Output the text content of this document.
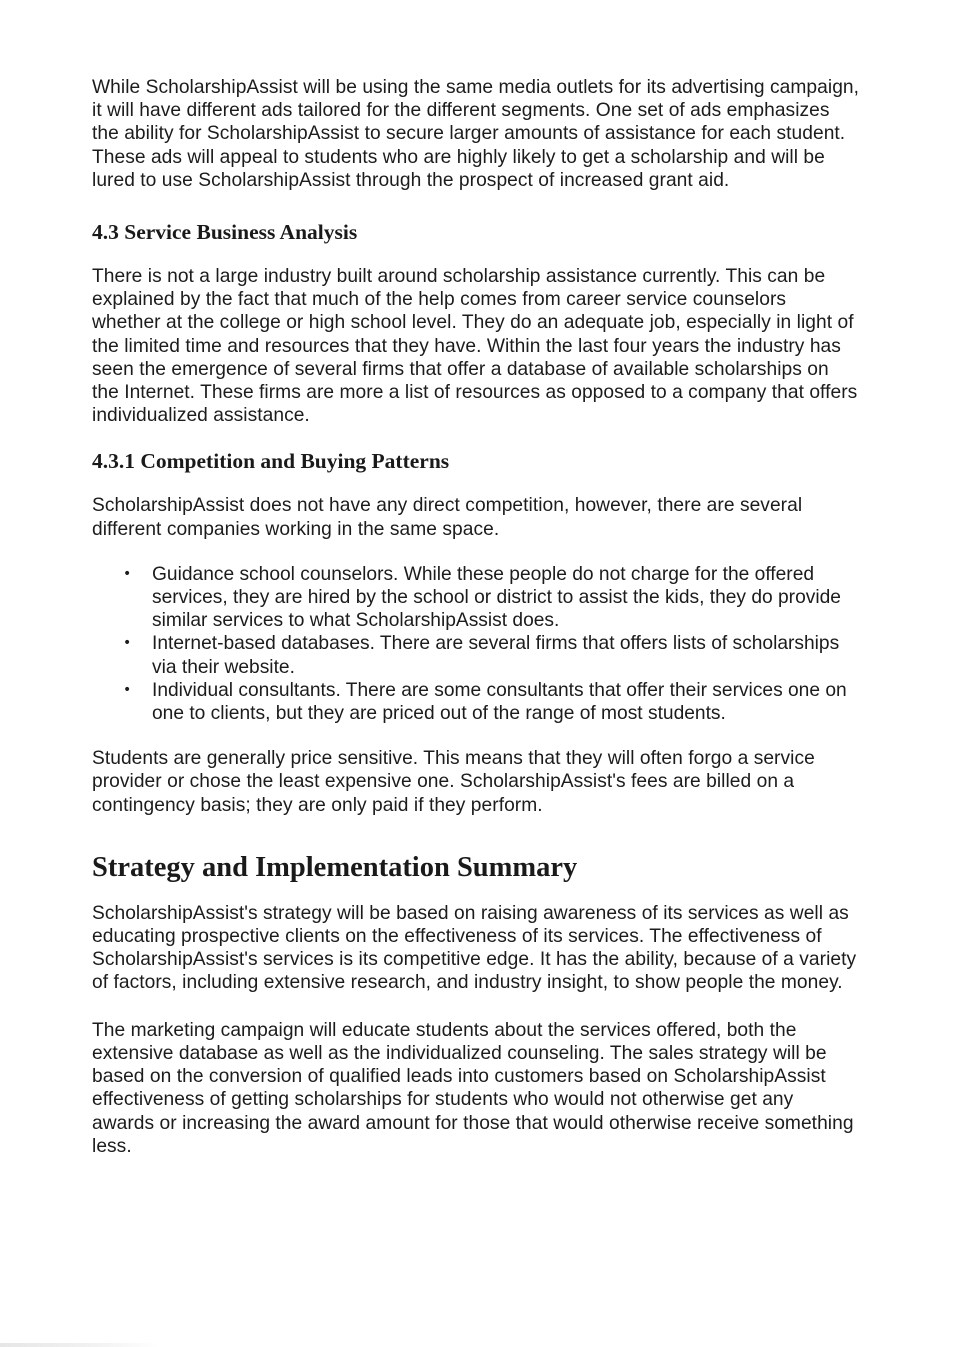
While ScholarshipAssist will be using the same media outlets for its advertising campaign, it will have different ads tailored for the different segments. One set of ads emphasizes the ability for ScholarshipAssist to secure larger amounts of assistance for each student. These ads will appeal to students who are highly likely to get a scholarship and will be lured to use ScholarshipAssist through the prospect of increased grant aid.

4.3 Service Business Analysis

There is not a large industry built around scholarship assistance currently. This can be explained by the fact that much of the help comes from career service counselors whether at the college or high school level. They do an adequate job, especially in light of the limited time and resources that they have. Within the last four years the industry has seen the emergence of several firms that offer a database of available scholarships on the Internet. These firms are more a list of resources as opposed to a company that offers individualized assistance.

4.3.1 Competition and Buying Patterns

ScholarshipAssist does not have any direct competition, however, there are several different companies working in the same space.

• Guidance school counselors. While these people do not charge for the offered services, they are hired by the school or district to assist the kids, they do provide similar services to what ScholarshipAssist does.
• Internet-based databases. There are several firms that offers lists of scholarships via their website.
• Individual consultants. There are some consultants that offer their services one on one to clients, but they are priced out of the range of most students.

Students are generally price sensitive. This means that they will often forgo a service provider or chose the least expensive one. ScholarshipAssist's fees are billed on a contingency basis; they are only paid if they perform.

Strategy and Implementation Summary

ScholarshipAssist's strategy will be based on raising awareness of its services as well as educating prospective clients on the effectiveness of its services. The effectiveness of ScholarshipAssist's services is its competitive edge. It has the ability, because of a variety of factors, including extensive research, and industry insight, to show people the money.

The marketing campaign will educate students about the services offered, both the extensive database as well as the individualized counseling. The sales strategy will be based on the conversion of qualified leads into customers based on ScholarshipAssist effectiveness of getting scholarships for students who would not otherwise get any awards or increasing the award amount for those that would otherwise receive something less.
